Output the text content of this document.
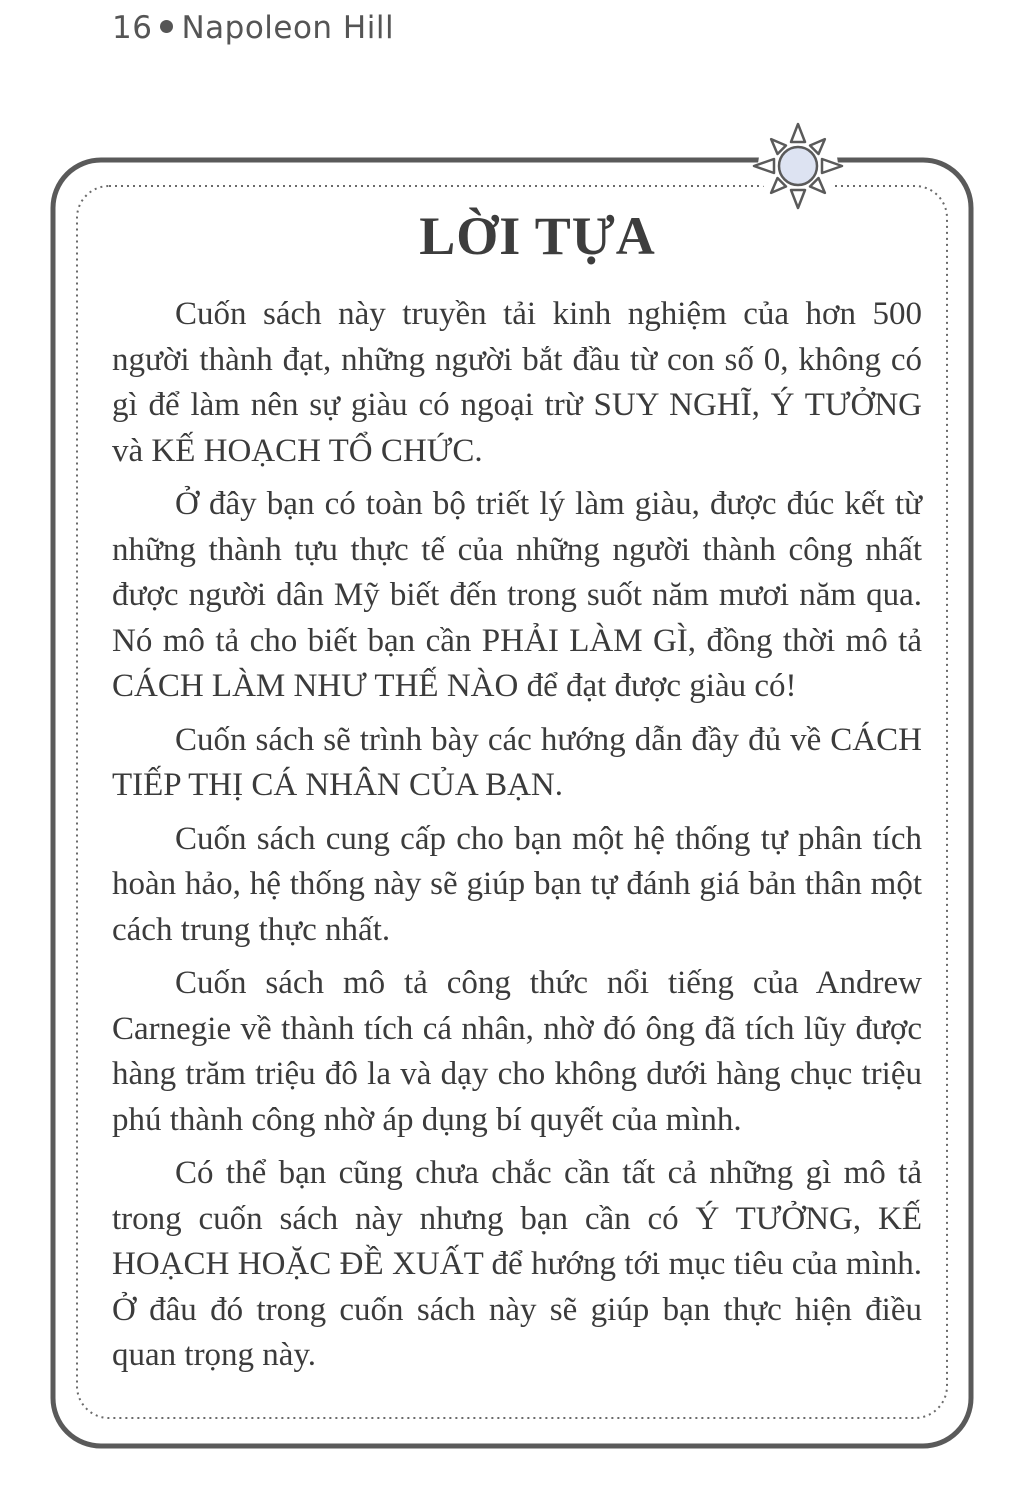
16 Napoleon Hill
LỜI TỰA

Cuốn sách này truyền tải kinh nghiệm của hơn 500 người thành đạt, những người bắt đầu từ con số 0, không có gì để làm nên sự giàu có ngoại trừ SUY NGHĨ, Ý TƯỞNG và KẾ HOẠCH TỔ CHỨC.

Ở đây bạn có toàn bộ triết lý làm giàu, được đúc kết từ những thành tựu thực tế của những người thành công nhất được người dân Mỹ biết đến trong suốt năm mươi năm qua. Nó mô tả cho biết bạn cần PHẢI LÀM GÌ, đồng thời mô tả CÁCH LÀM NHƯ THẾ NÀO để đạt được giàu có!

Cuốn sách sẽ trình bày các hướng dẫn đầy đủ về CÁCH TIẾP THỊ CÁ NHÂN CỦA BẠN.

Cuốn sách cung cấp cho bạn một hệ thống tự phân tích hoàn hảo, hệ thống này sẽ giúp bạn tự đánh giá bản thân một cách trung thực nhất.

Cuốn sách mô tả công thức nổi tiếng của Andrew Carnegie về thành tích cá nhân, nhờ đó ông đã tích lũy được hàng trăm triệu đô la và dạy cho không dưới hàng chục triệu phú thành công nhờ áp dụng bí quyết của mình.

Có thể bạn cũng chưa chắc cần tất cả những gì mô tả trong cuốn sách này nhưng bạn cần có Ý TƯỞNG, KẾ HOẠCH HOẶC ĐỀ XUẤT để hướng tới mục tiêu của mình. Ở đâu đó trong cuốn sách này sẽ giúp bạn thực hiện điều quan trọng này.
